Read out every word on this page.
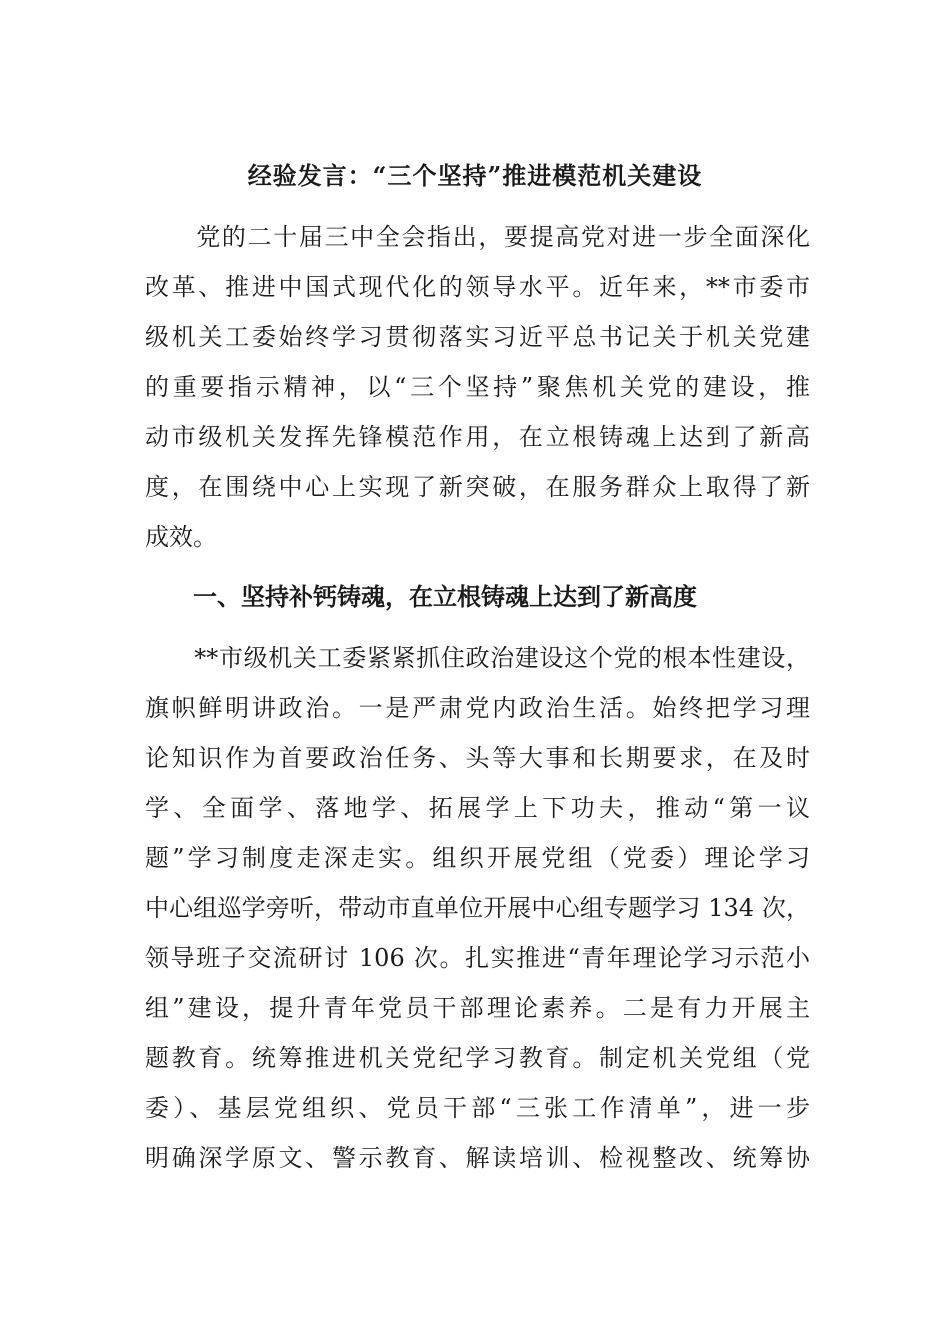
经验发言：“三个坚持”推进模范机关建设

　　党的二十届三中全会指出，要提高党对进一步全面深化

改革、推进中国式现代化的领导水平。近年来，**市委市

级机关工委始终学习贯彻落实习近平总书记关于机关党建

的重要指示精神，以“三个坚持”聚焦机关党的建设，推

动市级机关发挥先锋模范作用，在立根铸魂上达到了新高

度，在围绕中心上实现了新突破，在服务群众上取得了新

成效。

　　一、坚持补钙铸魂，在立根铸魂上达到了新高度

　　**市级机关工委紧紧抓住政治建设这个党的根本性建设，

旗帜鲜明讲政治。一是严肃党内政治生活。始终把学习理

论知识作为首要政治任务、头等大事和长期要求，在及时

学、全面学、落地学、拓展学上下功夫，推动“第一议

题”学习制度走深走实。组织开展党组（党委）理论学习

中心组巡学旁听，带动市直单位开展中心组专题学习 134 次，

领导班子交流研讨 106 次。扎实推进“青年理论学习示范小

组”建设，提升青年党员干部理论素养。二是有力开展主

题教育。统筹推进机关党纪学习教育。制定机关党组（党

委）、基层党组织、党员干部“三张工作清单”，进一步

明确深学原文、警示教育、解读培训、检视整改、统筹协
